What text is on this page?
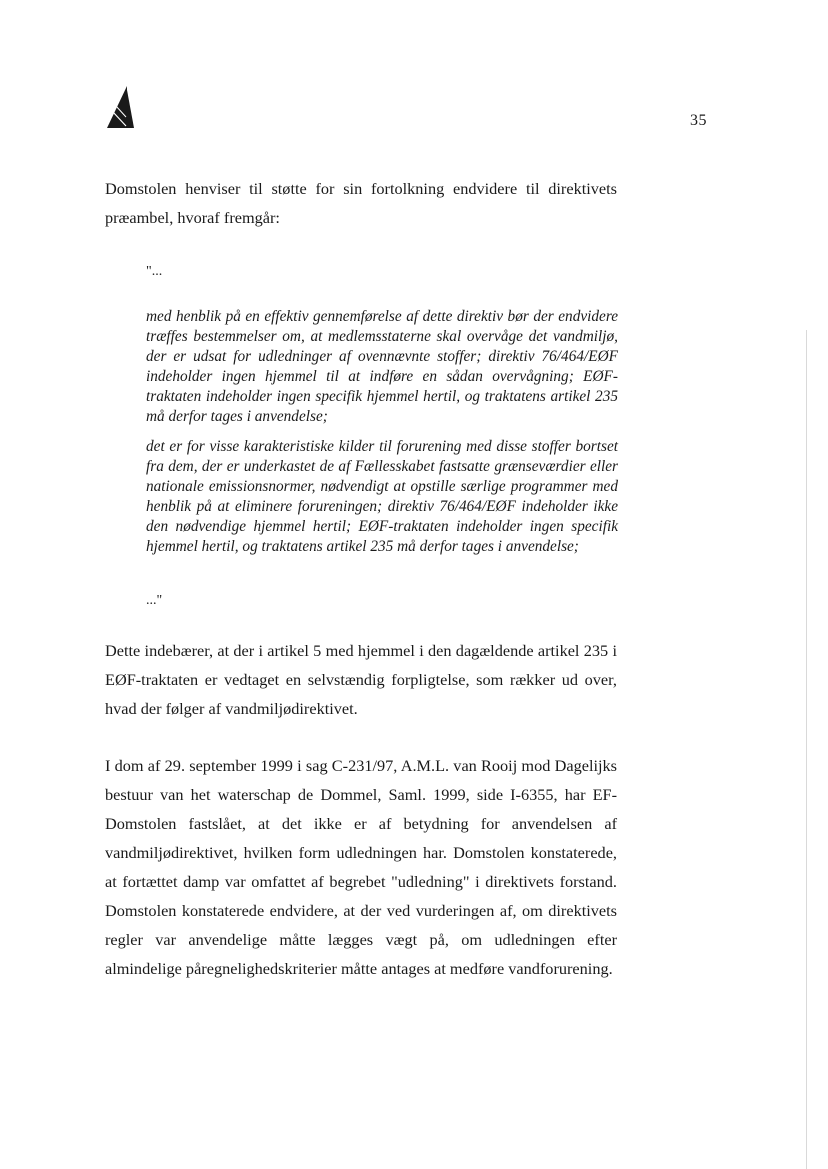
35

Domstolen henviser til støtte for sin fortolkning endvidere til direktivets præambel, hvoraf fremgår:

"...

med henblik på en effektiv gennemførelse af dette direktiv bør der endvidere træffes bestemmelser om, at medlemsstaterne skal overvåge det vandmiljø, der er udsat for udledninger af ovennævnte stoffer; direktiv 76/464/EØF indeholder ingen hjemmel til at indføre en sådan overvågning; EØF-traktaten indeholder ingen specifik hjemmel hertil, og traktatens artikel 235 må derfor tages i anvendelse;

det er for visse karakteristiske kilder til forurening med disse stoffer bortset fra dem, der er underkastet de af Fællesskabet fastsatte grænseværdier eller nationale emissionsnormer, nødvendigt at opstille særlige programmer med henblik på at eliminere forureningen; direktiv 76/464/EØF indeholder ikke den nødvendige hjemmel hertil; EØF-traktaten indeholder ingen specifik hjemmel hertil, og traktatens artikel 235 må derfor tages i anvendelse;

..."

Dette indebærer, at der i artikel 5 med hjemmel i den dagældende artikel 235 i EØF-traktaten er vedtaget en selvstændig forpligtelse, som rækker ud over, hvad der følger af vandmiljødirektivet.

I dom af 29. september 1999 i sag C-231/97, A.M.L. van Rooij mod Dagelijks bestuur van het waterschap de Dommel, Saml. 1999, side I-6355, har EF-Domstolen fastslået, at det ikke er af betydning for anvendelsen af vandmiljødirektivet, hvilken form udledningen har. Domstolen konstaterede, at fortættet damp var omfattet af begrebet "udledning" i direktivets forstand. Domstolen konstaterede endvidere, at der ved vurderingen af, om direktivets regler var anvendelige måtte lægges vægt på, om udledningen efter almindelige påregnelighedskriterier måtte antages at medføre vandforurening.
